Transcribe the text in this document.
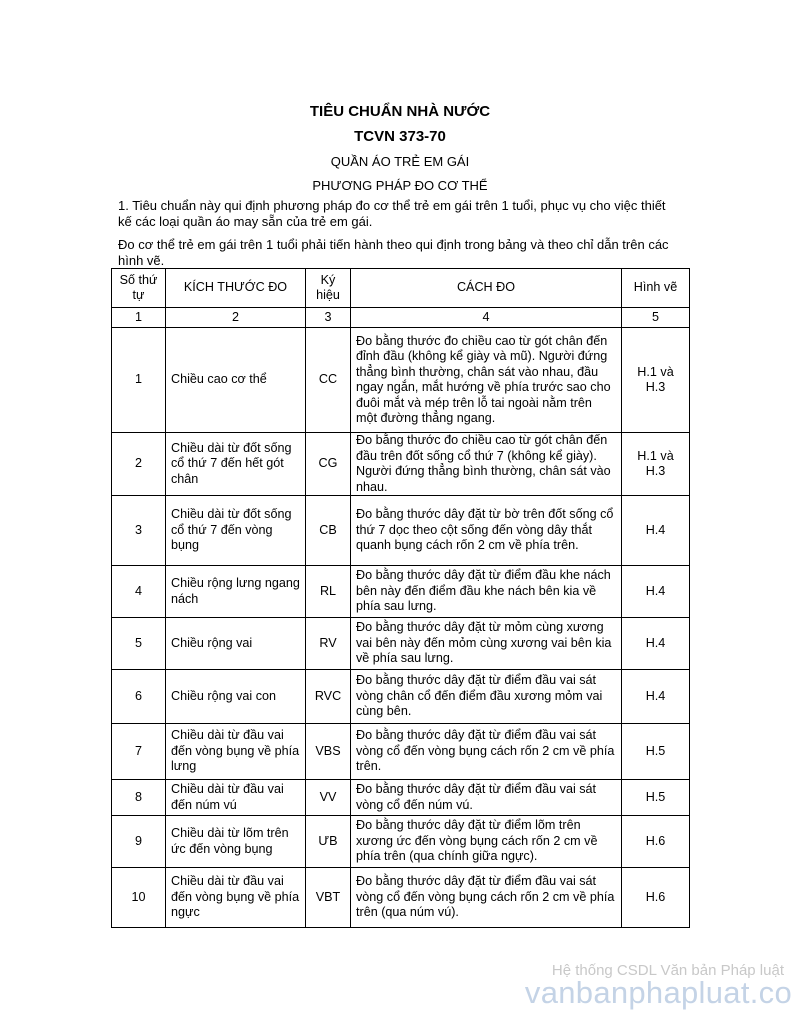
TIÊU CHUẨN NHÀ NƯỚC
TCVN 373-70
QUẦN ÁO TRẺ EM GÁI
PHƯƠNG PHÁP ĐO CƠ THỂ
1. Tiêu chuẩn này qui định phương pháp đo cơ thể trẻ em gái trên 1 tuổi, phục vụ cho việc thiết kế các loại quần áo may sẵn của trẻ em gái.
Đo cơ thể trẻ em gái trên 1 tuổi phải tiến hành theo qui định trong bảng và theo chỉ dẫn trên các hình vẽ.
Số thứ tự	KÍCH THƯỚC ĐO	Ký hiệu	CÁCH ĐO	Hình vẽ
1	2	3	4	5
1	Chiều cao cơ thể	CC	Đo bằng thước đo chiều cao từ gót chân đến đỉnh đầu (không kể giày và mũ). Người đứng thẳng bình thường, chân sát vào nhau, đầu ngay ngắn, mắt hướng về phía trước sao cho đuôi mắt và mép trên lỗ tai ngoài nằm trên một đường thẳng ngang.	H.1 và H.3
2	Chiều dài từ đốt sống cổ thứ 7 đến hết gót chân	CG	Đo bằng thước đo chiều cao từ gót chân đến đầu trên đốt sống cổ thứ 7 (không kể giày). Người đứng thẳng bình thường, chân sát vào nhau.	H.1 và H.3
3	Chiều dài từ đốt sống cổ thứ 7 đến vòng bụng	CB	Đo bằng thước dây đặt từ bờ trên đốt sống cổ thứ 7 dọc theo cột sống đến vòng dây thắt quanh bụng cách rốn 2 cm về phía trên.	H.4
4	Chiều rộng lưng ngang nách	RL	Đo bằng thước dây đặt từ điểm đầu khe nách bên này đến điểm đầu khe nách bên kia về phía sau lưng.	H.4
5	Chiều rộng vai	RV	Đo bằng thước dây đặt từ mỏm cùng xương vai bên này đến mỏm cùng xương vai bên kia về phía sau lưng.	H.4
6	Chiều rộng vai con	RVC	Đo bằng thước dây đặt từ điểm đầu vai sát vòng chân cổ đến điểm đầu xương mỏm vai cùng bên.	H.4
7	Chiều dài từ đầu vai đến vòng bụng về phía lưng	VBS	Đo bằng thước dây đặt từ điểm đầu vai sát vòng cổ đến vòng bụng cách rốn 2 cm về phía trên.	H.5
8	Chiều dài từ đầu vai đến núm vú	VV	Đo bằng thước dây đặt từ điểm đầu vai sát vòng cổ đến núm vú.	H.5
9	Chiều dài từ lõm trên ức đến vòng bụng	ƯB	Đo bằng thước dây đặt từ điểm lõm trên xương ức đến vòng bụng cách rốn 2 cm về phía trên (qua chính giữa ngực).	H.6
10	Chiều dài từ đầu vai đến vòng bụng về phía ngực	VBT	Đo bằng thước dây đặt từ điểm đầu vai sát vòng cổ đến vòng bụng cách rốn 2 cm về phía trên (qua núm vú).	H.6
Hệ thống CSDL Văn bản Pháp luật
vanbanphapluat.co
